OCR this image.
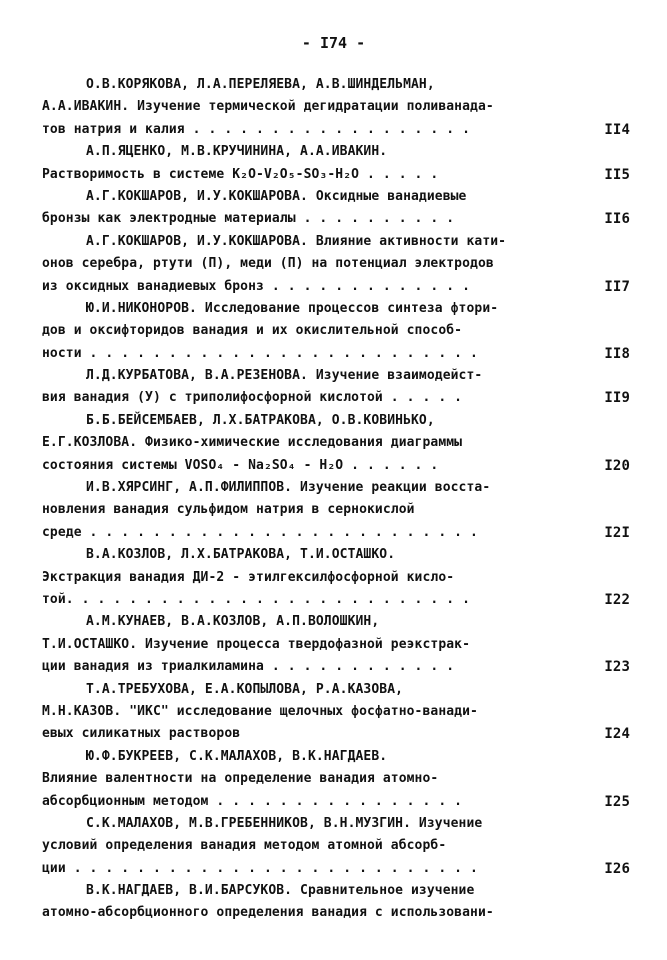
- I74 -
О.В.КОРЯКОВА, Л.А.ПЕРЕЛЯЕВА, А.В.ШИНДЕЛЬМАН,
А.А.ИВАКИН. Изучение термической дегидратации поливанада-
тов натрия и калия . . . . . . . . . . . . . . . . . .	II4
А.П.ЯЦЕНКО, М.В.КРУЧИНИНА, А.А.ИВАКИН.
Растворимость в системе K₂O-V₂O₅-SO₃-H₂O . . . . .	II5
А.Г.КОКШАРОВ, И.У.КОКШАРОВА. Оксидные ванадиевые
бронзы как электродные материалы . . . . . . . . . .	II6
А.Г.КОКШАРОВ, И.У.КОКШАРОВА. Влияние активности кати-
онов серебра, ртути (П), меди (П) на потенциал электродов
из оксидных ванадиевых бронз . . . . . . . . . . . . .	II7
Ю.И.НИКОНОРОВ. Исследование процессов синтеза фтори-
дов и оксифторидов ванадия и их окислительной способ-
ности . . . . . . . . . . . . . . . . . . . . . . . . .	II8
Л.Д.КУРБАТОВА, В.А.РЕЗЕНОВА. Изучение взаимодейст-
вия ванадия (У) с триполифосфорной кислотой . . . . .	II9
Б.Б.БЕЙСЕМБАЕВ, Л.Х.БАТРАКОВА, О.В.КОВИНЬКО,
Е.Г.КОЗЛОВА. Физико-химические исследования диаграммы
состояния системы VOSO₄ - Na₂SO₄ - H₂O . . . . . .	I20
И.В.ХЯРСИНГ, А.П.ФИЛИППОВ. Изучение реакции восста-
новления ванадия сульфидом натрия в сернокислой
среде . . . . . . . . . . . . . . . . . . . . . . . . .	I2I
В.А.КОЗЛОВ, Л.Х.БАТРАКОВА, Т.И.ОСТАШКО.
Экстракция ванадия ДИ-2 - этилгексилфосфорной кисло-
той. . . . . . . . . . . . . . . . . . . . . . . . . .	I22
А.М.КУНАЕВ, В.А.КОЗЛОВ, А.П.ВОЛОШКИН,
Т.И.ОСТАШКО. Изучение процесса твердофазной реэкстрак-
ции ванадия из триалкиламина . . . . . . . . . . . .	I23
Т.А.ТРЕБУХОВА, Е.А.КОПЫЛОВА, Р.А.КАЗОВА,
М.Н.КАЗОВ. "ИКС" исследование щелочных фосфатно-ванади-
евых силикатных растворов	I24
Ю.Ф.БУКРЕЕВ, С.К.МАЛАХОВ, В.К.НАГДАЕВ.
Влияние валентности на определение ванадия атомно-
абсорбционным методом . . . . . . . . . . . . . . . .	I25
С.К.МАЛАХОВ, М.В.ГРЕБЕННИКОВ, В.Н.МУЗГИН. Изучение
условий определения ванадия методом атомной абсорб-
ции . . . . . . . . . . . . . . . . . . . . . . . . . .	I26
В.К.НАГДАЕВ, В.И.БАРСУКОВ. Сравнительное изучение
атомно-абсорбционного определения ванадия с использовани-
